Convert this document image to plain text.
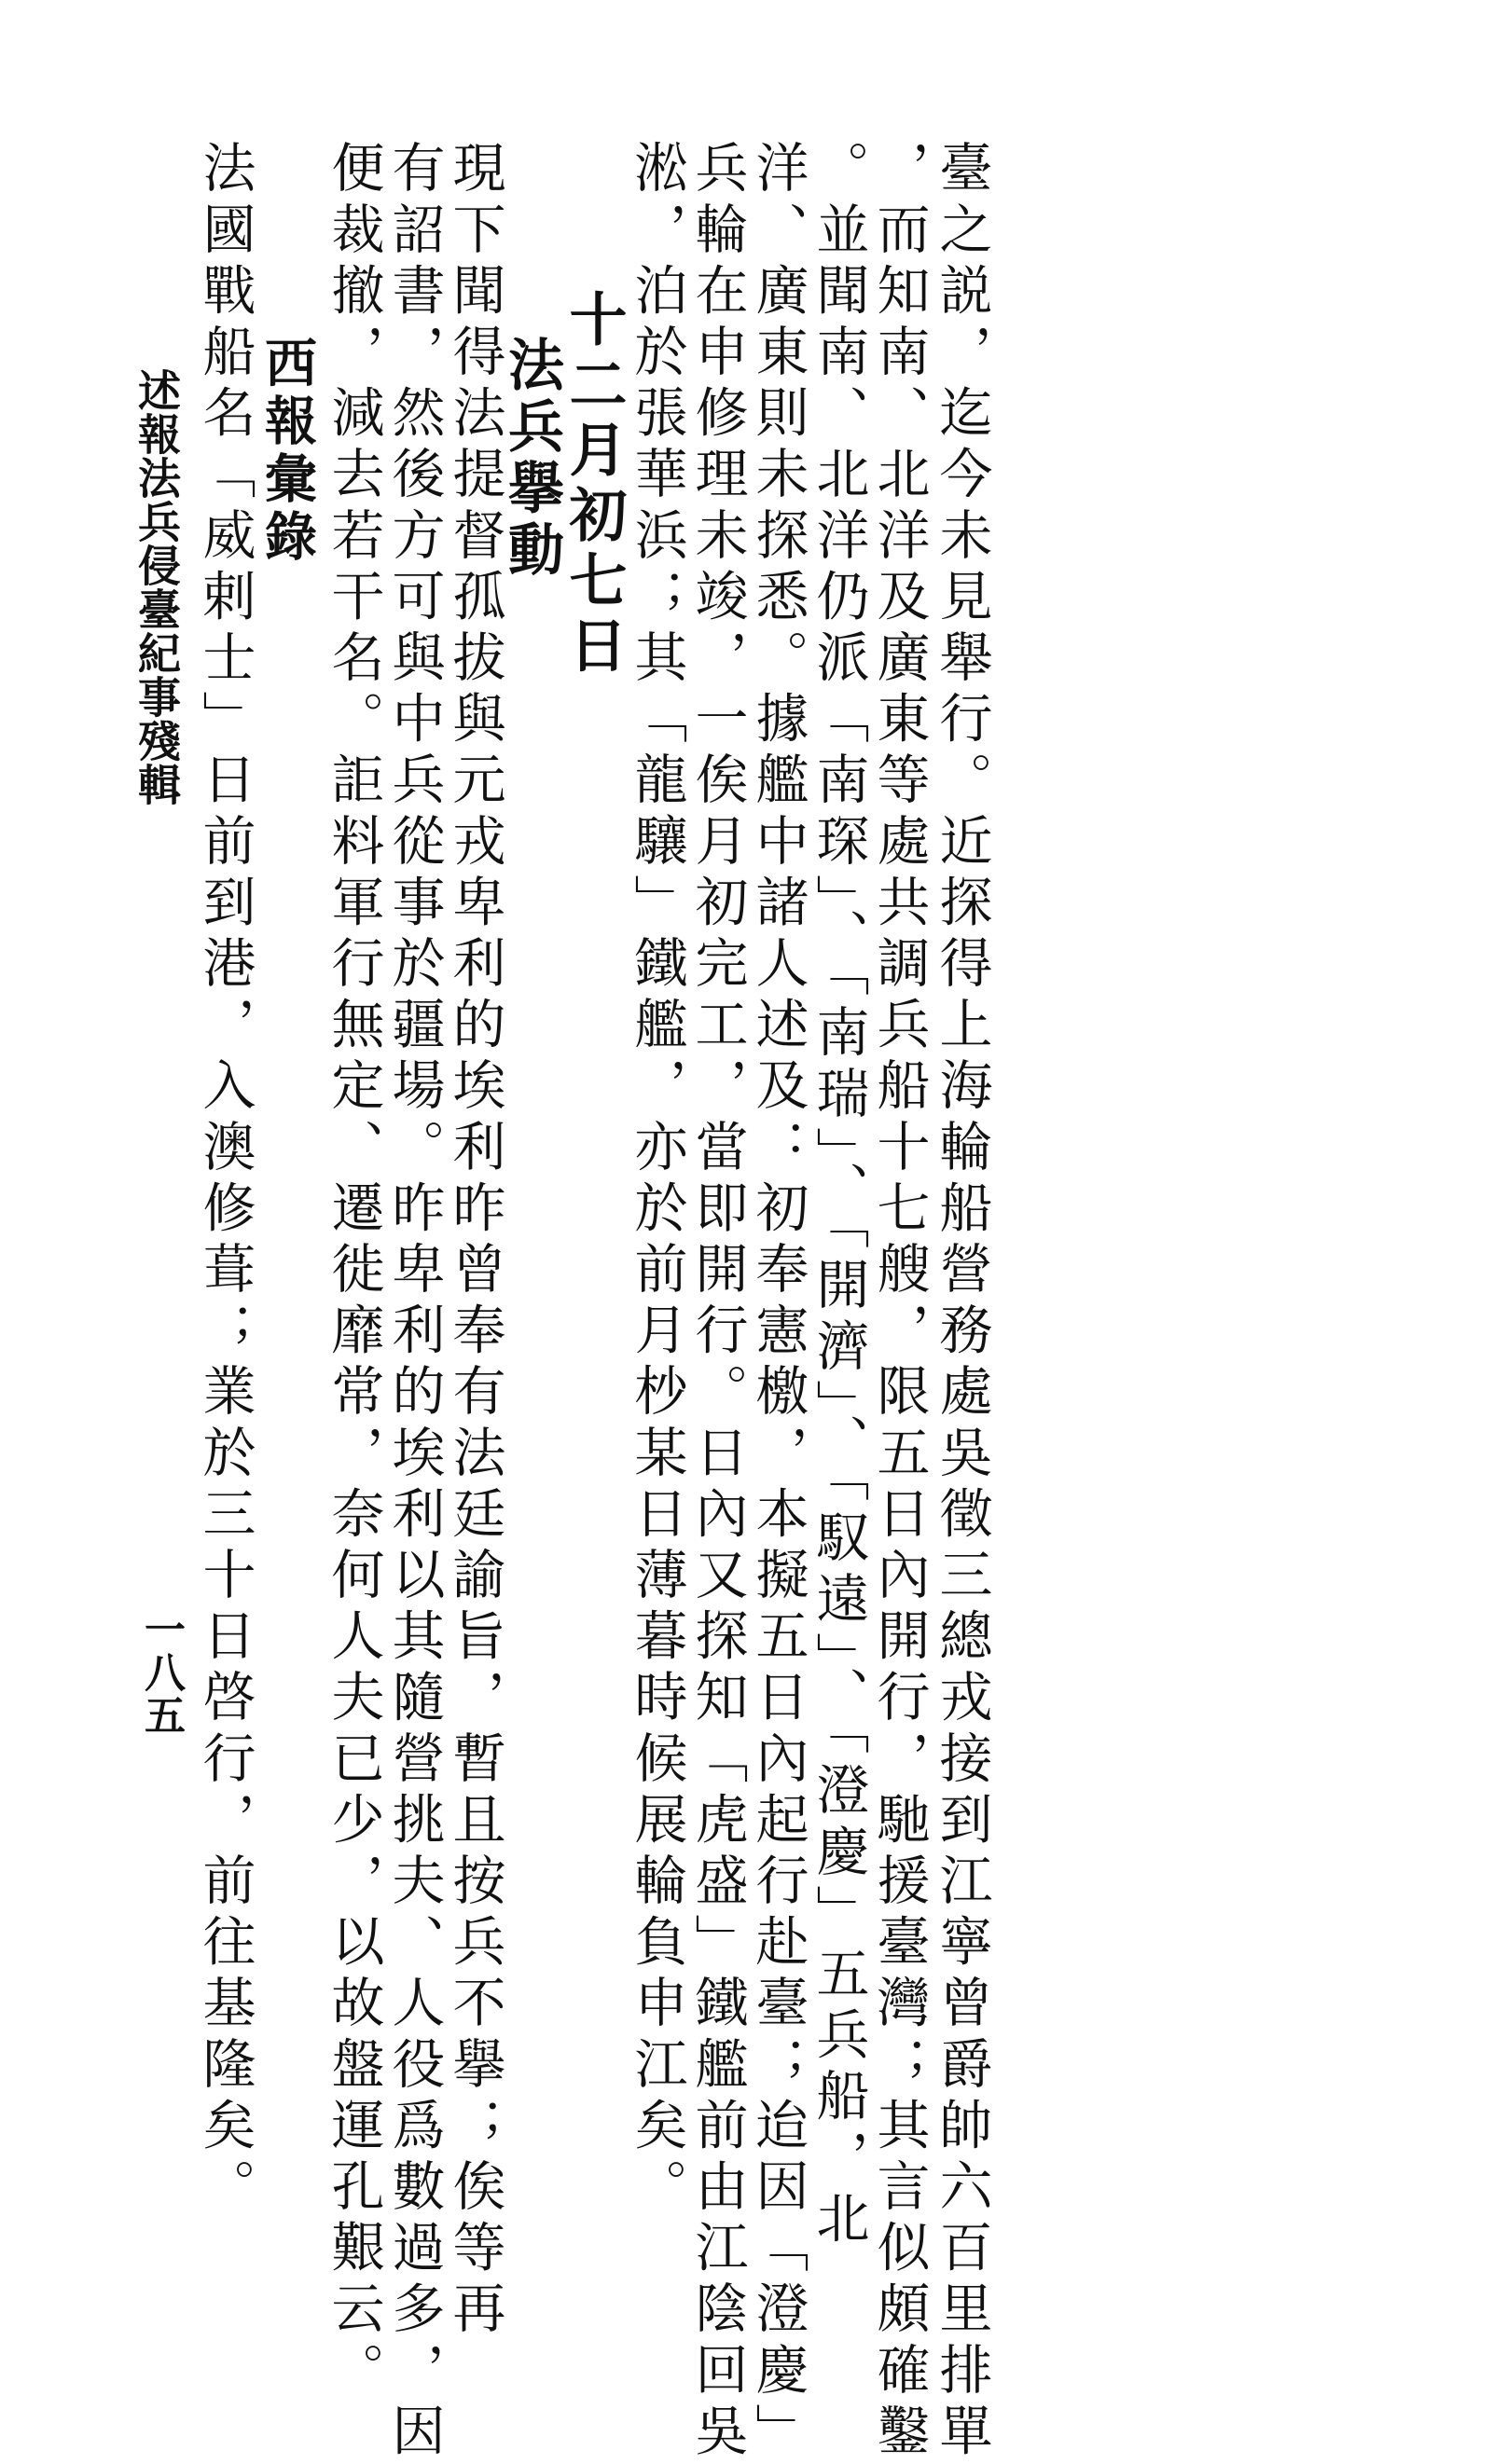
臺之説，迄今未見舉行。近探得上海輪船營務處吳徵三總戎接到江寧曾爵帥六百里排單

，而知南、北洋及廣東等處共調兵船十七艘，限五日內開行，馳援臺灣；其言似頗確鑿

。並聞南、北洋仍派「南琛」、「南瑞」、「開濟」、「馭遠」、「澄慶」五兵船，北

洋、廣東則未探悉。據艦中諸人述及：初奉憲檄，本擬五日內起行赴臺；迨因「澄慶」

兵輪在申修理未竣，一俟月初完工，當即開行。日內又探知「虎盛」鐵艦前由江陰回吳

淞，泊於張華浜；其「龍驤」鐵艦，亦於前月杪某日薄暮時候展輪負申江矣。

十二月初七日
法兵擧動

現下聞得法提督孤拔與元戎卑利的埃利昨曾奉有法廷諭旨，暫且按兵不擧；俟等再

有詔書，然後方可與中兵從事於疆場。昨卑利的埃利以其隨營挑夫、人役爲數過多，因

便裁撤，減去若干名。詎料軍行無定、遷徙靡常，奈何人夫已少，以故盤運孔艱云。

西報彙錄

法國戰船名「威剌士」日前到港，入澳修葺；業於三十日啓行，前往基隆矣。

述報法兵侵臺紀事殘輯
一八五
